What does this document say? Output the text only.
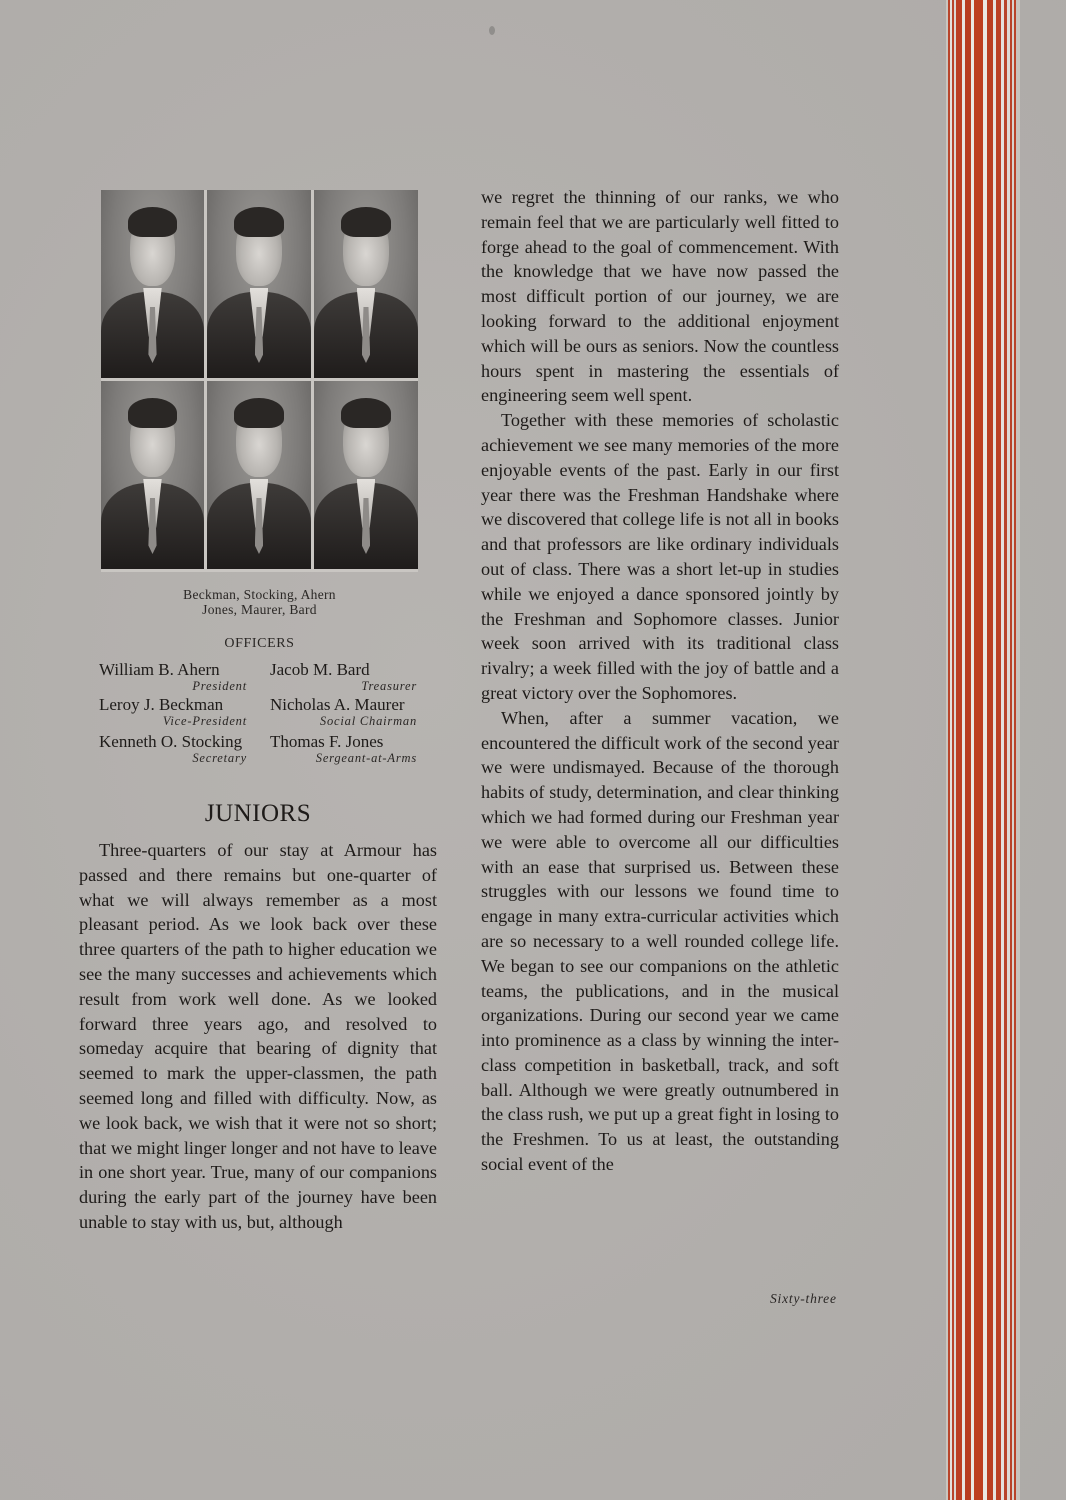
Beckman, Stocking, Ahern
Jones, Maurer, Bard
OFFICERS
William B. Ahern
President
Jacob M. Bard
Treasurer
Leroy J. Beckman
Vice-President
Nicholas A. Maurer
Social Chairman
Kenneth O. Stocking
Secretary
Thomas F. Jones
Sergeant-at-Arms
JUNIORS

Three-quarters of our stay at Armour has passed and there remains but one-quarter of what we will always remember as a most pleasant period. As we look back over these three quarters of the path to higher education we see the many successes and achievements which result from work well done. As we looked forward three years ago, and resolved to someday acquire that bearing of dignity that seemed to mark the upper-classmen, the path seemed long and filled with difficulty. Now, as we look back, we wish that it were not so short; that we might linger longer and not have to leave in one short year. True, many of our companions during the early part of the journey have been unable to stay with us, but, although

we regret the thinning of our ranks, we who remain feel that we are particularly well fitted to forge ahead to the goal of commencement. With the knowledge that we have now passed the most difficult portion of our journey, we are looking forward to the additional enjoyment which will be ours as seniors. Now the countless hours spent in mastering the essentials of engineering seem well spent.

Together with these memories of scholastic achievement we see many memories of the more enjoyable events of the past. Early in our first year there was the Freshman Handshake where we discovered that college life is not all in books and that professors are like ordinary individuals out of class. There was a short let-up in studies while we enjoyed a dance sponsored jointly by the Freshman and Sophomore classes. Junior week soon arrived with its traditional class rivalry; a week filled with the joy of battle and a great victory over the Sophomores.

When, after a summer vacation, we encountered the difficult work of the second year we were undismayed. Because of the thorough habits of study, determination, and clear thinking which we had formed during our Freshman year we were able to overcome all our difficulties with an ease that surprised us. Between these struggles with our lessons we found time to engage in many extra-curricular activities which are so necessary to a well rounded college life. We began to see our companions on the athletic teams, the publications, and in the musical organizations. During our second year we came into prominence as a class by winning the inter-class competition in basketball, track, and soft ball. Although we were greatly outnumbered in the class rush, we put up a great fight in losing to the Freshmen. To us at least, the outstanding social event of the

Sixty-three
